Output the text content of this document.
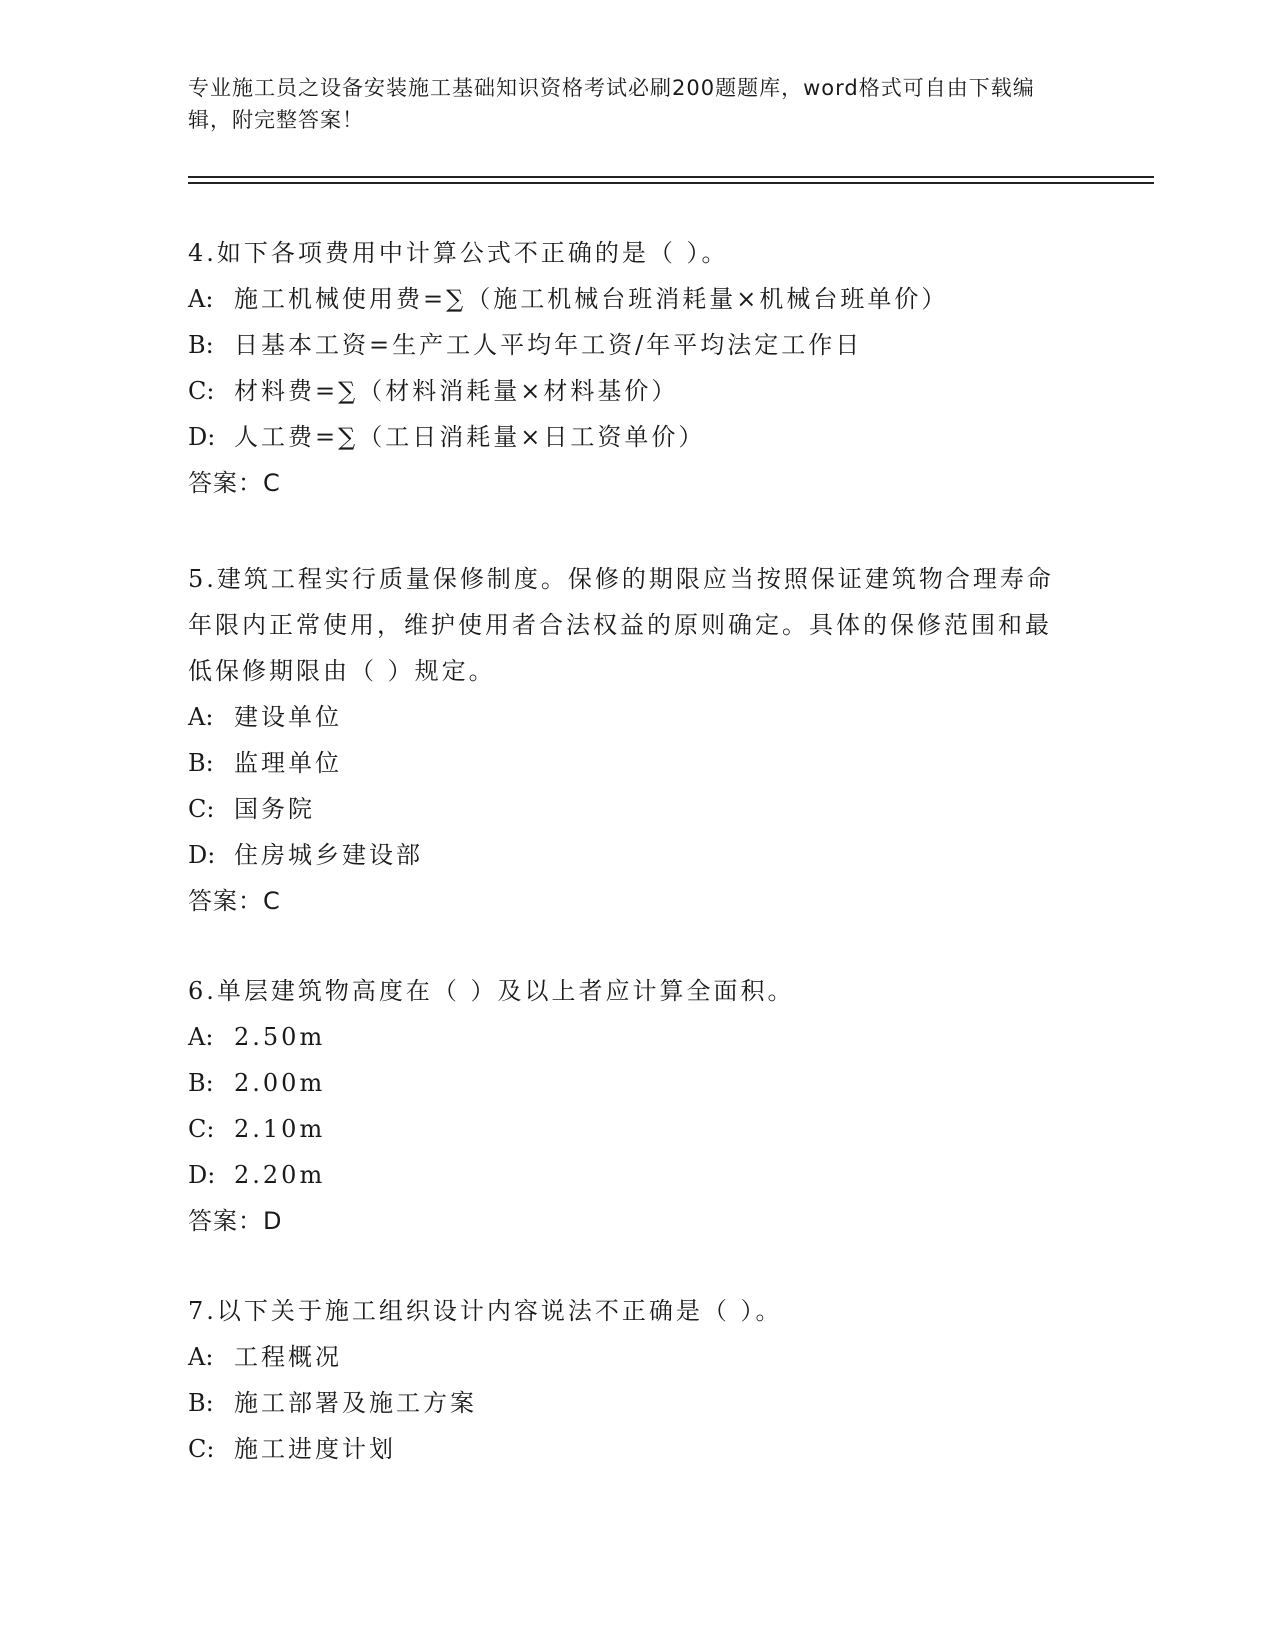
专业施工员之设备安装施工基础知识资格考试必刷200题题库，word格式可自由下载编辑，附完整答案！
4.如下各项费用中计算公式不正确的是（ ）。
A: 施工机械使用费=∑（施工机械台班消耗量×机械台班单价）
B: 日基本工资=生产工人平均年工资/年平均法定工作日
C: 材料费=∑（材料消耗量×材料基价）
D: 人工费=∑（工日消耗量×日工资单价）
答案：C
5.建筑工程实行质量保修制度。保修的期限应当按照保证建筑物合理寿命年限内正常使用，维护使用者合法权益的原则确定。具体的保修范围和最低保修期限由（ ）规定。
A: 建设单位
B: 监理单位
C: 国务院
D: 住房城乡建设部
答案：C
6.单层建筑物高度在（ ）及以上者应计算全面积。
A: 2.50m
B: 2.00m
C: 2.10m
D: 2.20m
答案：D
7.以下关于施工组织设计内容说法不正确是（ ）。
A: 工程概况
B: 施工部署及施工方案
C: 施工进度计划
